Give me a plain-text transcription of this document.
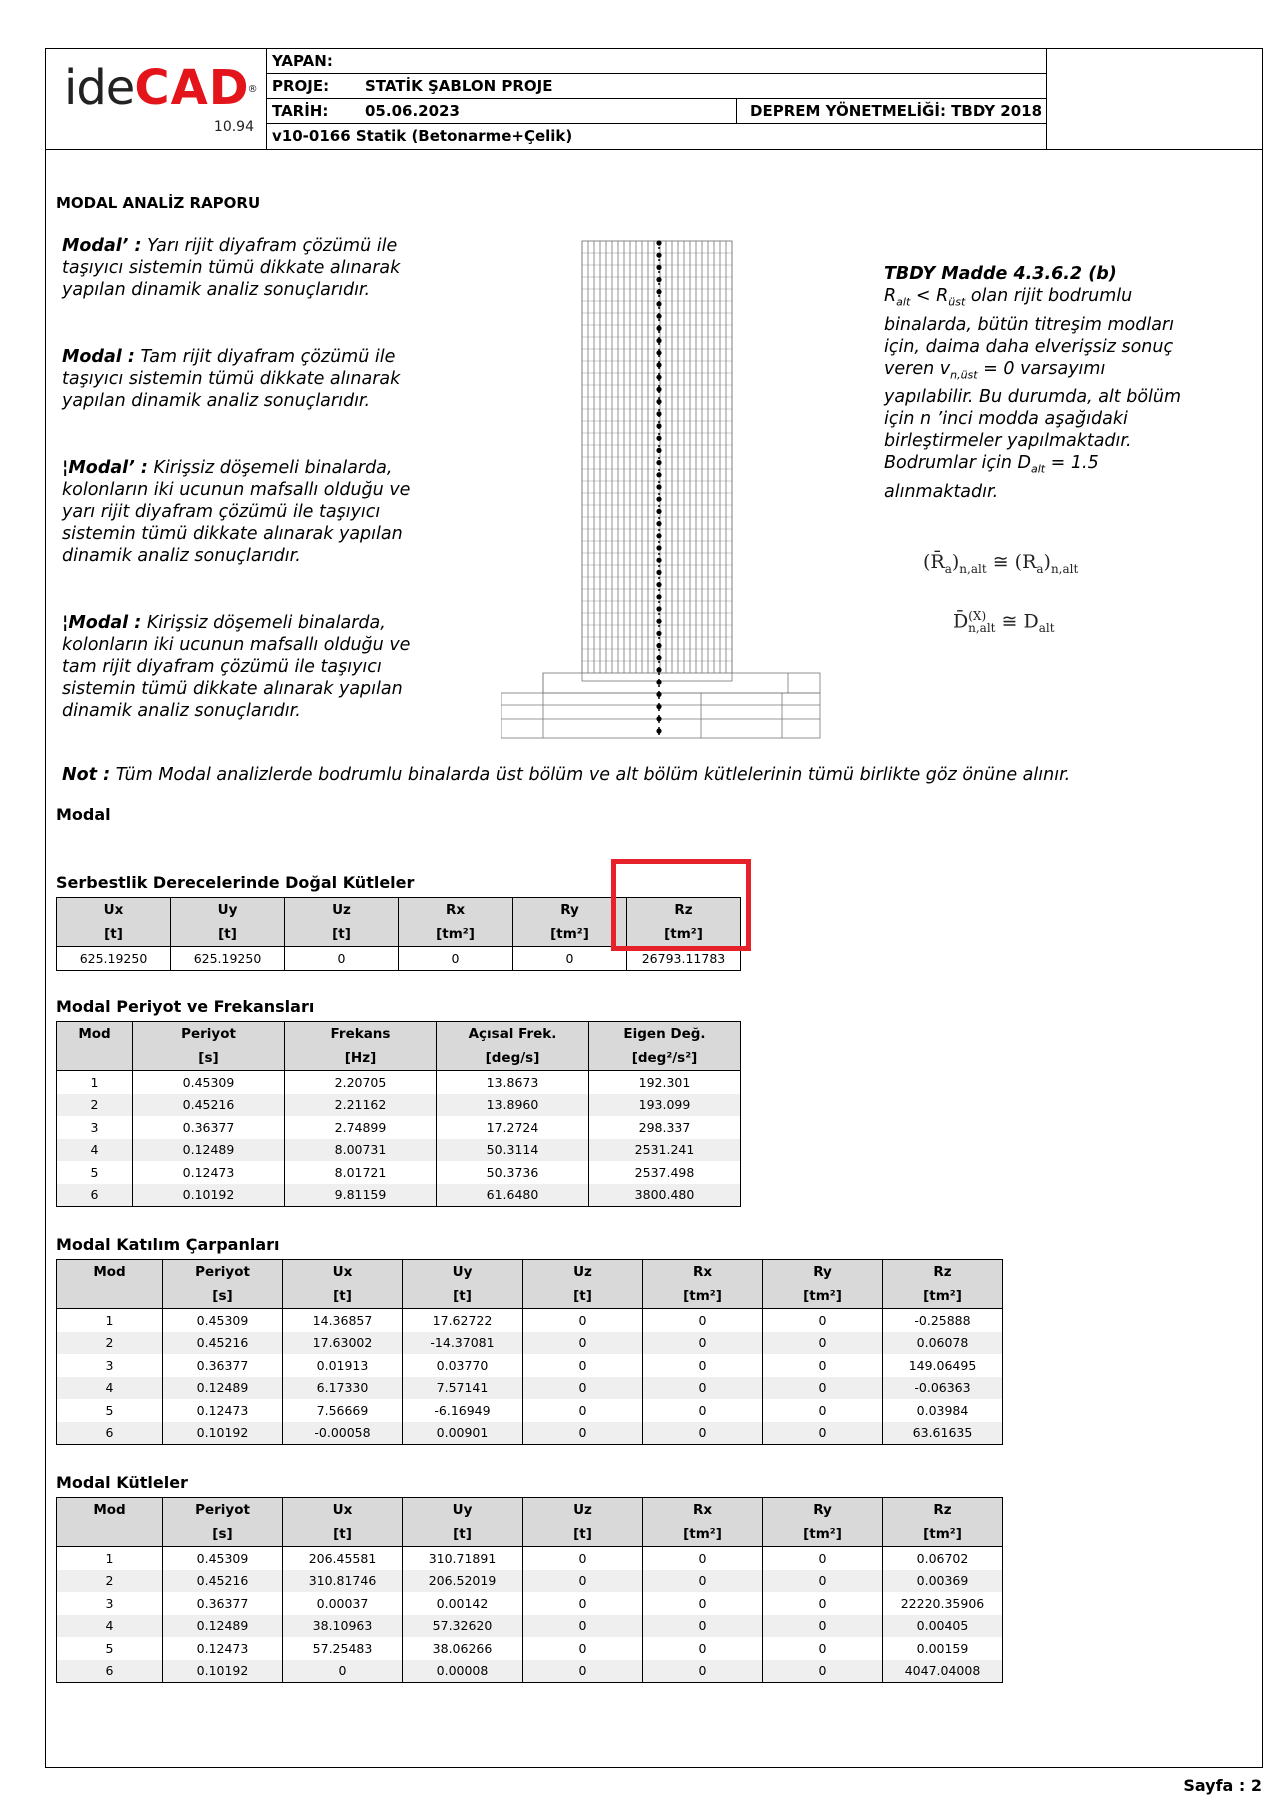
ideCAD
®
10.94
YAPAN:
PROJE: STATİK ŞABLON PROJE
TARİH: 05.06.2023	DEPREM YÖNETMELİĞİ: TBDY 2018
v10-0166 Statik (Betonarme+Çelik)
MODAL ANALİZ RAPORU
Modal’ : Yarı rijit diyafram çözümü ile taşıyıcı sistemin tümü dikkate alınarak yapılan dinamik analiz sonuçlarıdır.
Modal : Tam rijit diyafram çözümü ile taşıyıcı sistemin tümü dikkate alınarak yapılan dinamik analiz sonuçlarıdır.
¦Modal’ : Kirişsiz döşemeli binalarda, kolonların iki ucunun mafsallı olduğu ve yarı rijit diyafram çözümü ile taşıyıcı sistemin tümü dikkate alınarak yapılan dinamik analiz sonuçlarıdır.
¦Modal : Kirişsiz döşemeli binalarda, kolonların iki ucunun mafsallı olduğu ve tam rijit diyafram çözümü ile taşıyıcı sistemin tümü dikkate alınarak yapılan dinamik analiz sonuçlarıdır.
TBDY Madde 4.3.6.2 (b)
$R_{alt} < R_{üst}$ olan rijit bodrumlu binalarda, bütün titreşim modları için, daima daha elverişsiz sonuç veren $v_{n,üst} = 0$ varsayımı yapılabilir. Bu durumda, alt bölüm için n ’inci modda aşağıdaki birleştirmeler yapılmaktadır. Bodrumlar için $D_{alt} = 1.5$ alınmaktadır.
$(R̄_a)_{n,alt}$ ≅ $(R_a)_{n,alt}$
D̄$^{(X)}_{n,alt}$ ≅ $D_{alt}$
Not : Tüm Modal analizlerde bodrumlu binalarda üst bölüm ve alt bölüm kütlelerinin tümü birlikte göz önüne alınır.
Modal
Serbestlik Derecelerinde Doğal Kütleler
Ux	Uy	Uz	Rx	Ry	Rz
[t]	[t]	[t]	[tm²]	[tm²]	[tm²]
625.19250	625.19250	0	0	0	26793.11783
Modal Periyot ve Frekansları
Mod	Periyot	Frekans	Açısal Frek.	Eigen Değ.
	[s]	[Hz]	[deg/s]	[deg²/s²]
1	0.45309	2.20705	13.8673	192.301
2	0.45216	2.21162	13.8960	193.099
3	0.36377	2.74899	17.2724	298.337
4	0.12489	8.00731	50.3114	2531.241
5	0.12473	8.01721	50.3736	2537.498
6	0.10192	9.81159	61.6480	3800.480
Modal Katılım Çarpanları
Mod	Periyot	Ux	Uy	Uz	Rx	Ry	Rz
	[s]	[t]	[t]	[t]	[tm²]	[tm²]	[tm²]
1	0.45309	14.36857	17.62722	0	0	0	-0.25888
2	0.45216	17.63002	-14.37081	0	0	0	0.06078
3	0.36377	0.01913	0.03770	0	0	0	149.06495
4	0.12489	6.17330	7.57141	0	0	0	-0.06363
5	0.12473	7.56669	-6.16949	0	0	0	0.03984
6	0.10192	-0.00058	0.00901	0	0	0	63.61635
Modal Kütleler
Mod	Periyot	Ux	Uy	Uz	Rx	Ry	Rz
	[s]	[t]	[t]	[t]	[tm²]	[tm²]	[tm²]
1	0.45309	206.45581	310.71891	0	0	0	0.06702
2	0.45216	310.81746	206.52019	0	0	0	0.00369
3	0.36377	0.00037	0.00142	0	0	0	22220.35906
4	0.12489	38.10963	57.32620	0	0	0	0.00405
5	0.12473	57.25483	38.06266	0	0	0	0.00159
6	0.10192	0	0.00008	0	0	0	4047.04008
Sayfa : 2
